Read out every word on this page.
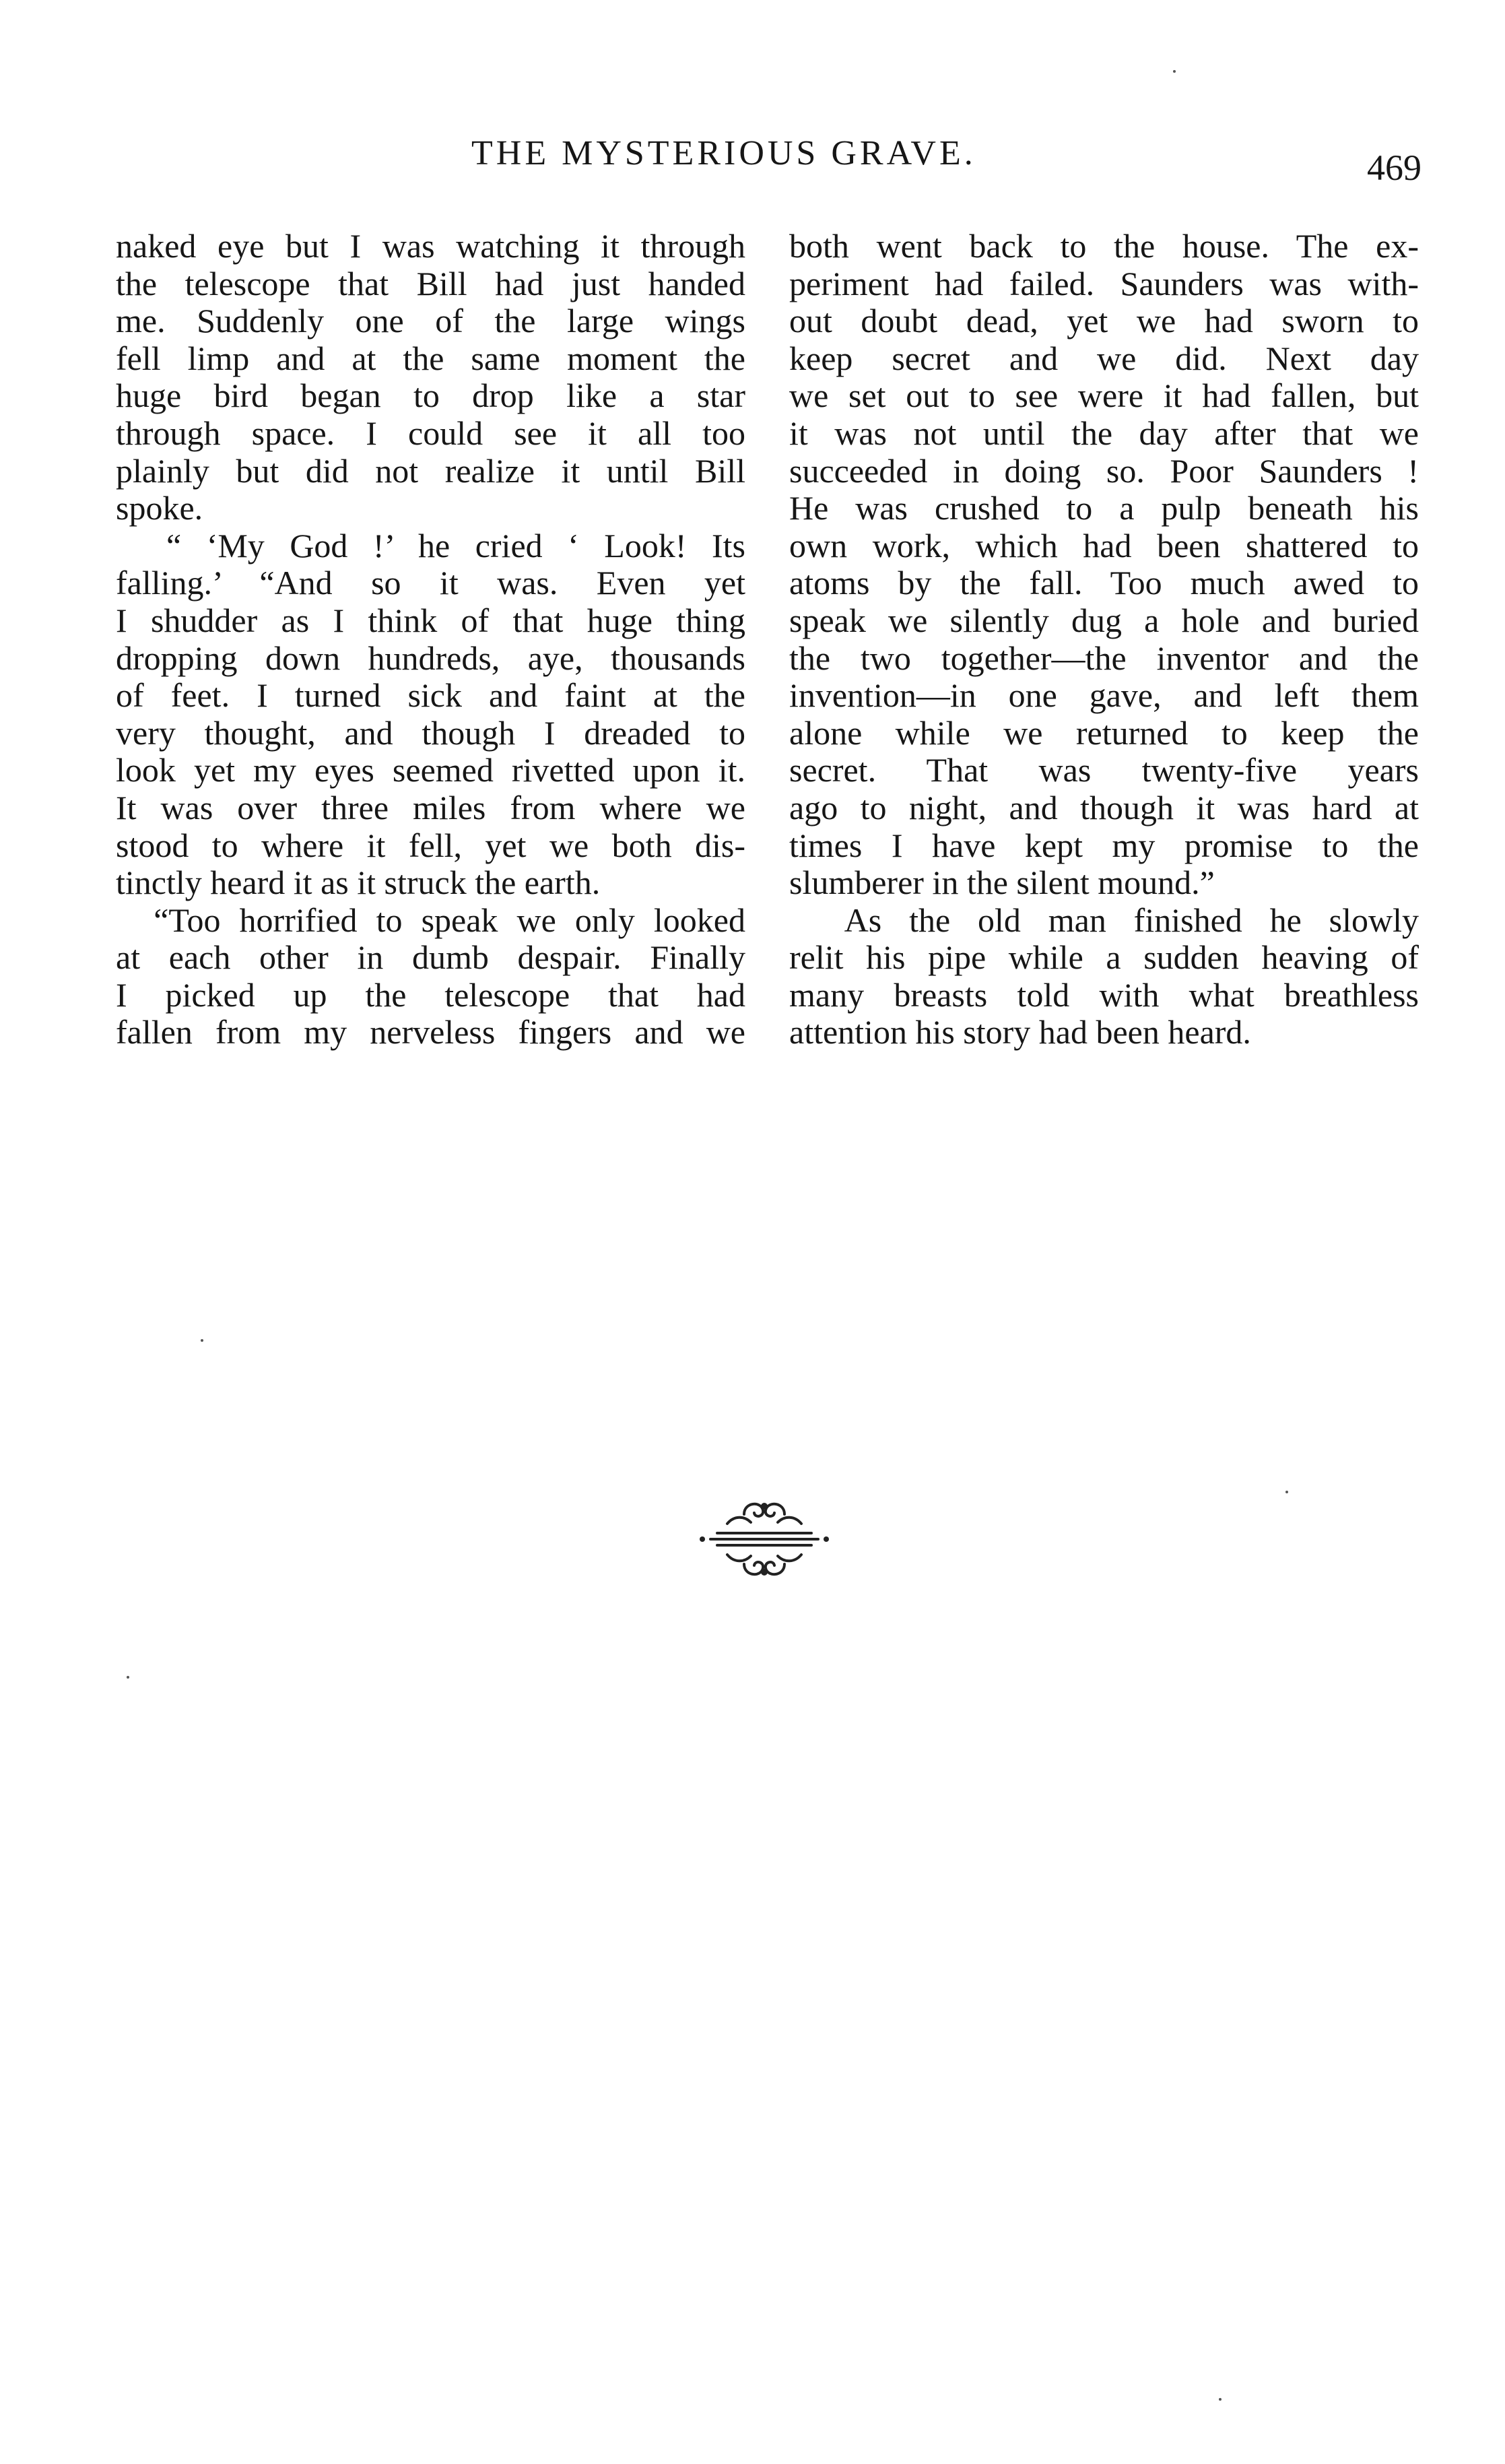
THE MYSTERIOUS GRAVE.	469
naked eye but I was watching it through
the telescope that Bill had just handed
me. Suddenly one of the large wings
fell limp and at the same moment the
huge bird began to drop like a star
through space. I could see it all too
plainly but did not realize it until Bill
spoke.
“ ‘My God !’ he cried ‘ Look! Its
falling.’ “And so it was. Even yet
I shudder as I think of that huge thing
dropping down hundreds, aye, thousands
of feet. I turned sick and faint at the
very thought, and though I dreaded to
look yet my eyes seemed rivetted upon it.
It was over three miles from where we
stood to where it fell, yet we both dis-
tinctly heard it as it struck the earth.
“Too horrified to speak we only looked
at each other in dumb despair. Finally
I picked up the telescope that had
fallen from my nerveless fingers and we
both went back to the house. The ex-
periment had failed. Saunders was with-
out doubt dead, yet we had sworn to
keep secret and we did. Next day
we set out to see were it had fallen, but
it was not until the day after that we
succeeded in doing so. Poor Saunders !
He was crushed to a pulp beneath his
own work, which had been shattered to
atoms by the fall. Too much awed to
speak we silently dug a hole and buried
the two together—the inventor and the
invention—in one gave, and left them
alone while we returned to keep the
secret. That was twenty-five years
ago to night, and though it was hard at
times I have kept my promise to the
slumberer in the silent mound.”
As the old man finished he slowly
relit his pipe while a sudden heaving of
many breasts told with what breathless
attention his story had been heard.
